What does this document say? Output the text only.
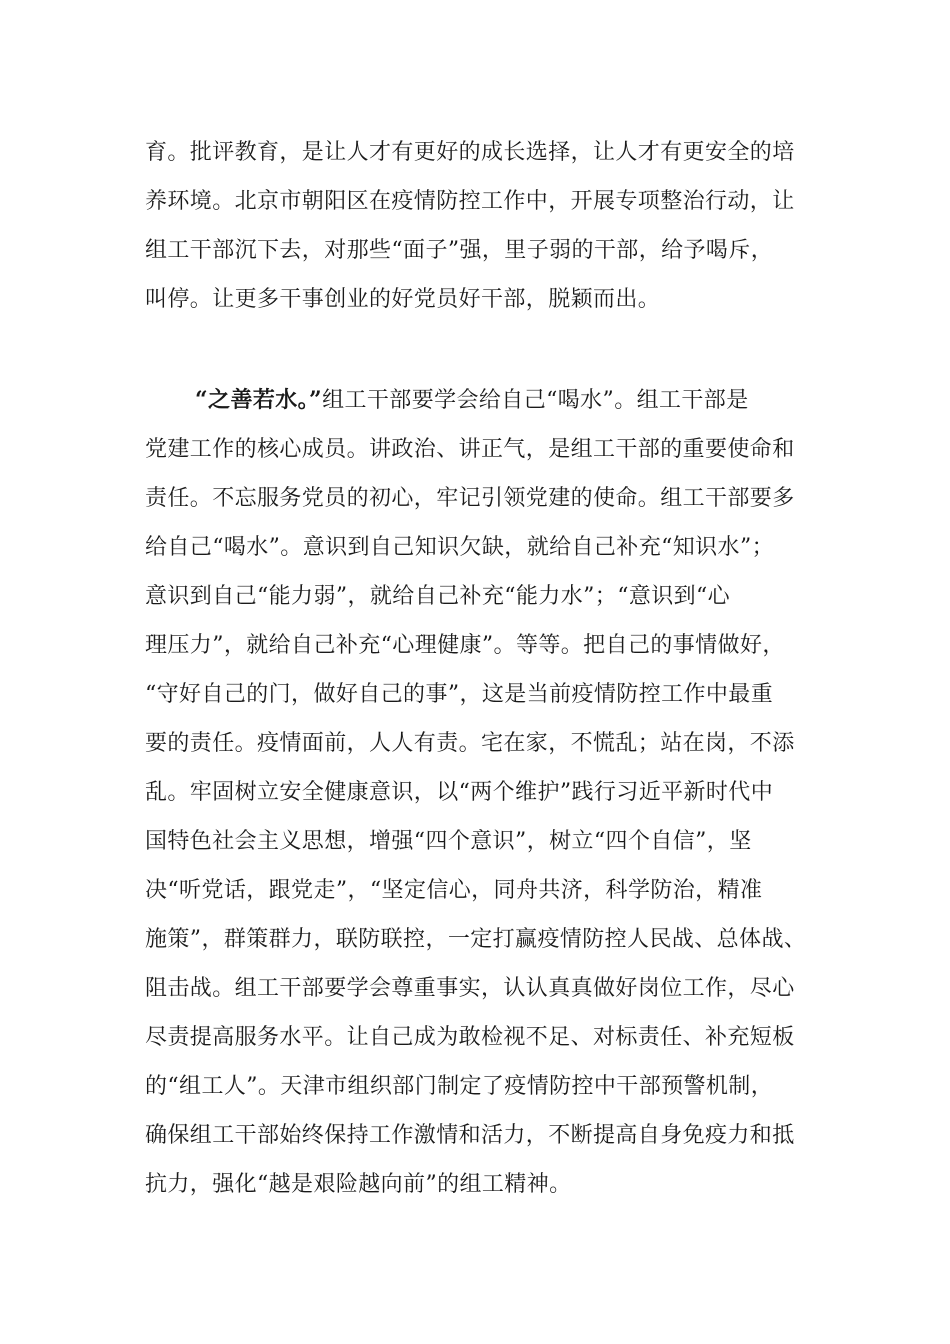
育。批评教育，是让人才有更好的成长选择，让人才有更安全的培
养环境。北京市朝阳区在疫情防控工作中，开展专项整治行动，让
组工干部沉下去，对那些“面子”强，里子弱的干部，给予喝斥，
叫停。让更多干事创业的好党员好干部，脱颖而出。
“之善若水。”组工干部要学会给自己“喝水”。组工干部是
党建工作的核心成员。讲政治、讲正气，是组工干部的重要使命和
责任。不忘服务党员的初心，牢记引领党建的使命。组工干部要多
给自己“喝水”。意识到自己知识欠缺，就给自己补充“知识水”；
意识到自己“能力弱”，就给自己补充“能力水”；“意识到“心
理压力”，就给自己补充“心理健康”。等等。把自己的事情做好，
“守好自己的门，做好自己的事”，这是当前疫情防控工作中最重
要的责任。疫情面前，人人有责。宅在家，不慌乱；站在岗，不添
乱。牢固树立安全健康意识，以“两个维护”践行习近平新时代中
国特色社会主义思想，增强“四个意识”，树立“四个自信”，坚
决“听党话，跟党走”，“坚定信心，同舟共济，科学防治，精准
施策”，群策群力，联防联控，一定打赢疫情防控人民战、总体战、
阻击战。组工干部要学会尊重事实，认认真真做好岗位工作，尽心
尽责提高服务水平。让自己成为敢检视不足、对标责任、补充短板
的“组工人”。天津市组织部门制定了疫情防控中干部预警机制，
确保组工干部始终保持工作激情和活力，不断提高自身免疫力和抵
抗力，强化“越是艰险越向前”的组工精神。
